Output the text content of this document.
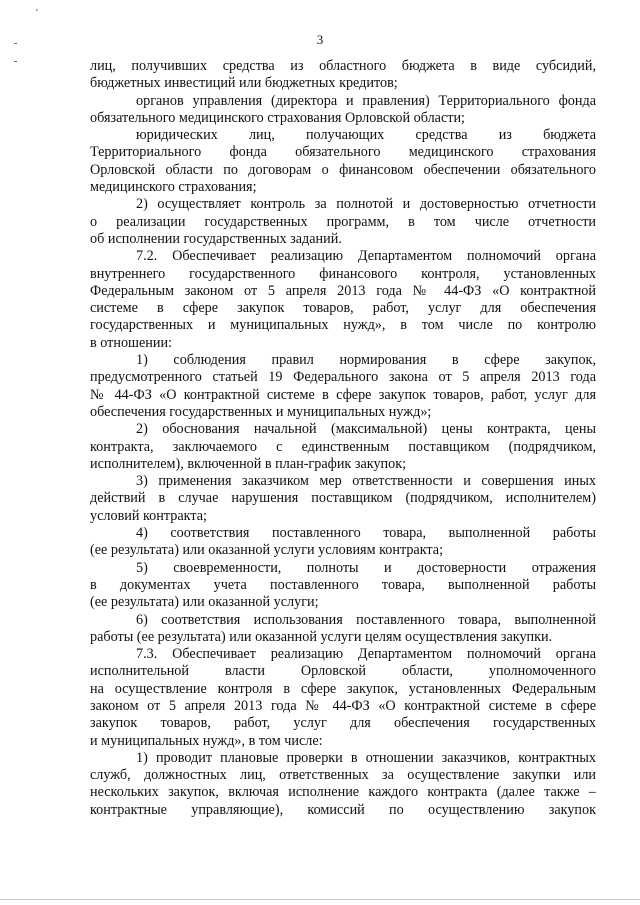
'
-
-
3
лиц, получивших средства из областного бюджета в виде субсидий,
бюджетных инвестиций или бюджетных кредитов;
органов управления (директора и правления) Территориального фонда
обязательного медицинского страхования Орловской области;
юридических лиц, получающих средства из бюджета
Территориального фонда обязательного медицинского страхования
Орловской области по договорам о финансовом обеспечении обязательного
медицинского страхования;
2) осуществляет контроль за полнотой и достоверностью отчетности
о реализации государственных программ, в том числе отчетности
об исполнении государственных заданий.
7.2. Обеспечивает реализацию Департаментом полномочий органа
внутреннего государственного финансового контроля, установленных
Федеральным законом от 5 апреля 2013 года № 44-ФЗ «О контрактной
системе в сфере закупок товаров, работ, услуг для обеспечения
государственных и муниципальных нужд», в том числе по контролю
в отношении:
1) соблюдения правил нормирования в сфере закупок,
предусмотренного статьей 19 Федерального закона от 5 апреля 2013 года
№ 44-ФЗ «О контрактной системе в сфере закупок товаров, работ, услуг для
обеспечения государственных и муниципальных нужд»;
2) обоснования начальной (максимальной) цены контракта, цены
контракта, заключаемого с единственным поставщиком (подрядчиком,
исполнителем), включенной в план-график закупок;
3) применения заказчиком мер ответственности и совершения иных
действий в случае нарушения поставщиком (подрядчиком, исполнителем)
условий контракта;
4) соответствия поставленного товара, выполненной работы
(ее результата) или оказанной услуги условиям контракта;
5) своевременности, полноты и достоверности отражения
в документах учета поставленного товара, выполненной работы
(ее результата) или оказанной услуги;
6) соответствия использования поставленного товара, выполненной
работы (ее результата) или оказанной услуги целям осуществления закупки.
7.3. Обеспечивает реализацию Департаментом полномочий органа
исполнительной власти Орловской области, уполномоченного
на осуществление контроля в сфере закупок, установленных Федеральным
законом от 5 апреля 2013 года № 44-ФЗ «О контрактной системе в сфере
закупок товаров, работ, услуг для обеспечения государственных
и муниципальных нужд», в том числе:
1) проводит плановые проверки в отношении заказчиков, контрактных
служб, должностных лиц, ответственных за осуществление закупки или
нескольких закупок, включая исполнение каждого контракта (далее также –
контрактные управляющие), комиссий по осуществлению закупок
